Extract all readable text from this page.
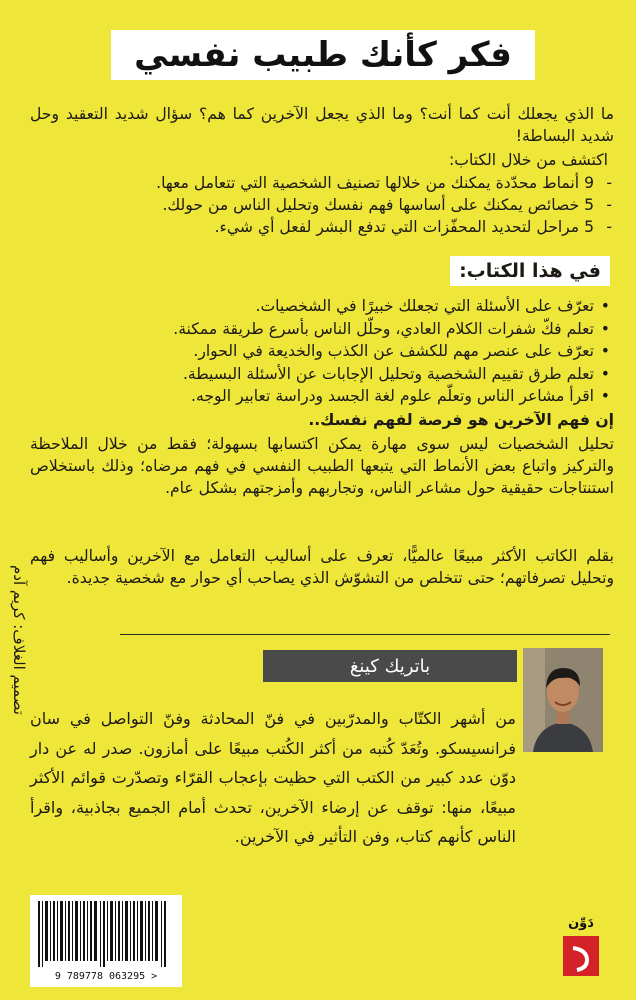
فكر كأنك طبيب نفسي
ما الذي يجعلك أنت كما أنت؟ وما الذي يجعل الآخرين كما هم؟ سؤال شديد التعقيد وحل شديد البساطة!
اكتشف من خلال الكتاب:
- 9 أنماط محدّدة يمكنك من خلالها تصنيف الشخصية التي تتعامل معها.
- 5 خصائص يمكنك على أساسها فهم نفسك وتحليل الناس من حولك.
- 5 مراحل لتحديد المحفّزات التي تدفع البشر لفعل أي شيء.
في هذا الكتاب:
• تعرّف على الأسئلة التي تجعلك خبيرًا في الشخصيات.
• تعلم فكّ شفرات الكلام العادي، وحلّل الناس بأسرع طريقة ممكنة.
• تعرّف على عنصر مهم للكشف عن الكذب والخديعة في الحوار.
• تعلم طرق تقييم الشخصية وتحليل الإجابات عن الأسئلة البسيطة.
• اقرأ مشاعر الناس وتعلّم علوم لغة الجسد ودراسة تعابير الوجه.
إن فهم الآخرين هو فرصة لفهم نفسك..
تحليل الشخصيات ليس سوى مهارة يمكن اكتسابها بسهولة؛ فقط من خلال الملاحظة والتركيز واتباع بعض الأنماط التي يتبعها الطبيب النفسي في فهم مرضاه؛ وذلك باستخلاص استنتاجات حقيقية حول مشاعر الناس، وتجاربهم وأمزجتهم بشكل عام.
بقلم الكاتب الأكثر مبيعًا عالميًّا، تعرف على أساليب التعامل مع الآخرين وأساليب فهم وتحليل تصرفاتهم؛ حتى تتخلص من التشوّش الذي يصاحب أي حوار مع شخصية جديدة.
تصميم الغلاف: كريم آدم	باتريك كينغ
من أشهر الكتّاب والمدرّبين في فنّ المحادثة وفنّ التواصل في سان فرانسيسكو. وتُعَدّ كُتبه من أكثر الكُتب مبيعًا على أمازون. صدر له عن دار دوّن عدد كبير من الكتب التي حظيت بإعجاب القرّاء وتصدّرت قوائم الأكثر مبيعًا، منها: توقف عن إرضاء الآخرين، تحدث أمام الجميع بجاذبية، واقرأ الناس كأنهم كتاب، وفن التأثير في الآخرين.
9 789778 063295 >
دَوِّن
